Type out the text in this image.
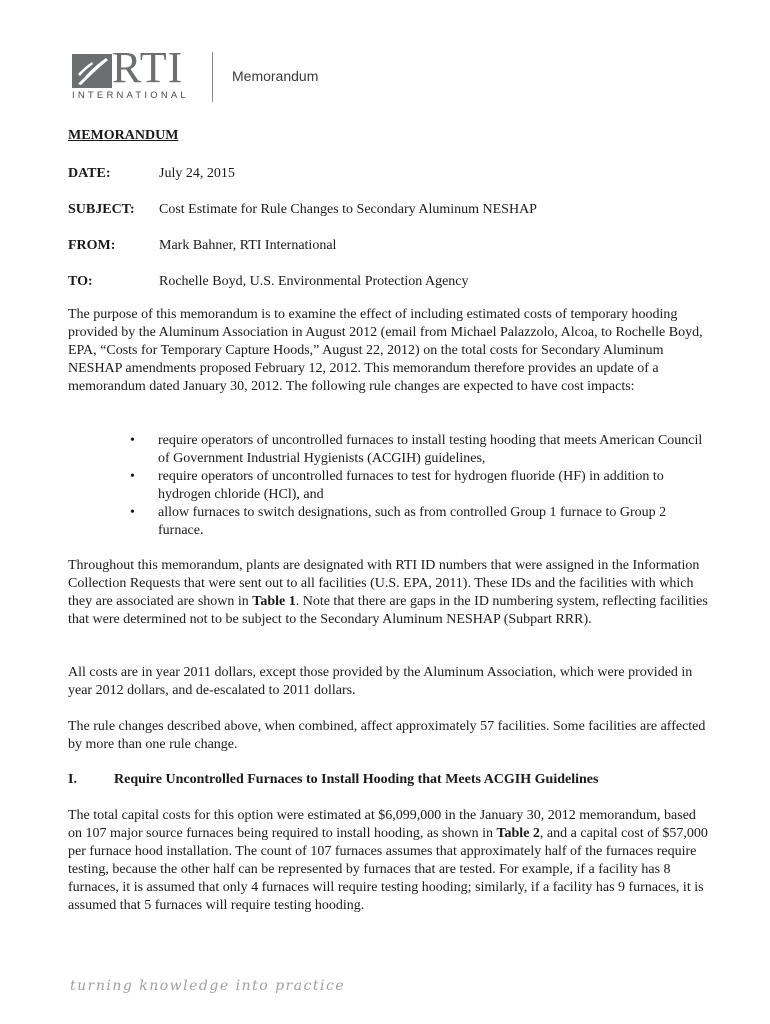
RTI
INTERNATIONAL
Memorandum
MEMORANDUM
DATE:	July 24, 2015
SUBJECT: Cost Estimate for Rule Changes to Secondary Aluminum NESHAP
FROM:	Mark Bahner, RTI International
TO:	Rochelle Boyd, U.S. Environmental Protection Agency

The purpose of this memorandum is to examine the effect of including estimated costs of temporary hooding provided by the Aluminum Association in August 2012 (email from Michael Palazzolo, Alcoa, to Rochelle Boyd, EPA, “Costs for Temporary Capture Hoods,” August 22, 2012) on the total costs for Secondary Aluminum NESHAP amendments proposed February 12, 2012. This memorandum therefore provides an update of a memorandum dated January 30, 2012. The following rule changes are expected to have cost impacts:

• require operators of uncontrolled furnaces to install testing hooding that meets American Council of Government Industrial Hygienists (ACGIH) guidelines,
• require operators of uncontrolled furnaces to test for hydrogen fluoride (HF) in addition to hydrogen chloride (HCl), and
• allow furnaces to switch designations, such as from controlled Group 1 furnace to Group 2 furnace.

Throughout this memorandum, plants are designated with RTI ID numbers that were assigned in the Information Collection Requests that were sent out to all facilities (U.S. EPA, 2011). These IDs and the facilities with which they are associated are shown in Table 1. Note that there are gaps in the ID numbering system, reflecting facilities that were determined not to be subject to the Secondary Aluminum NESHAP (Subpart RRR).

All costs are in year 2011 dollars, except those provided by the Aluminum Association, which were provided in year 2012 dollars, and de-escalated to 2011 dollars.

The rule changes described above, when combined, affect approximately 57 facilities. Some facilities are affected by more than one rule change.

I.	Require Uncontrolled Furnaces to Install Hooding that Meets ACGIH Guidelines

The total capital costs for this option were estimated at $6,099,000 in the January 30, 2012 memorandum, based on 107 major source furnaces being required to install hooding, as shown in Table 2, and a capital cost of $57,000 per furnace hood installation. The count of 107 furnaces assumes that approximately half of the furnaces require testing, because the other half can be represented by furnaces that are tested. For example, if a facility has 8 furnaces, it is assumed that only 4 furnaces will require testing hooding; similarly, if a facility has 9 furnaces, it is assumed that 5 furnaces will require testing hooding.

turning knowledge into practice
